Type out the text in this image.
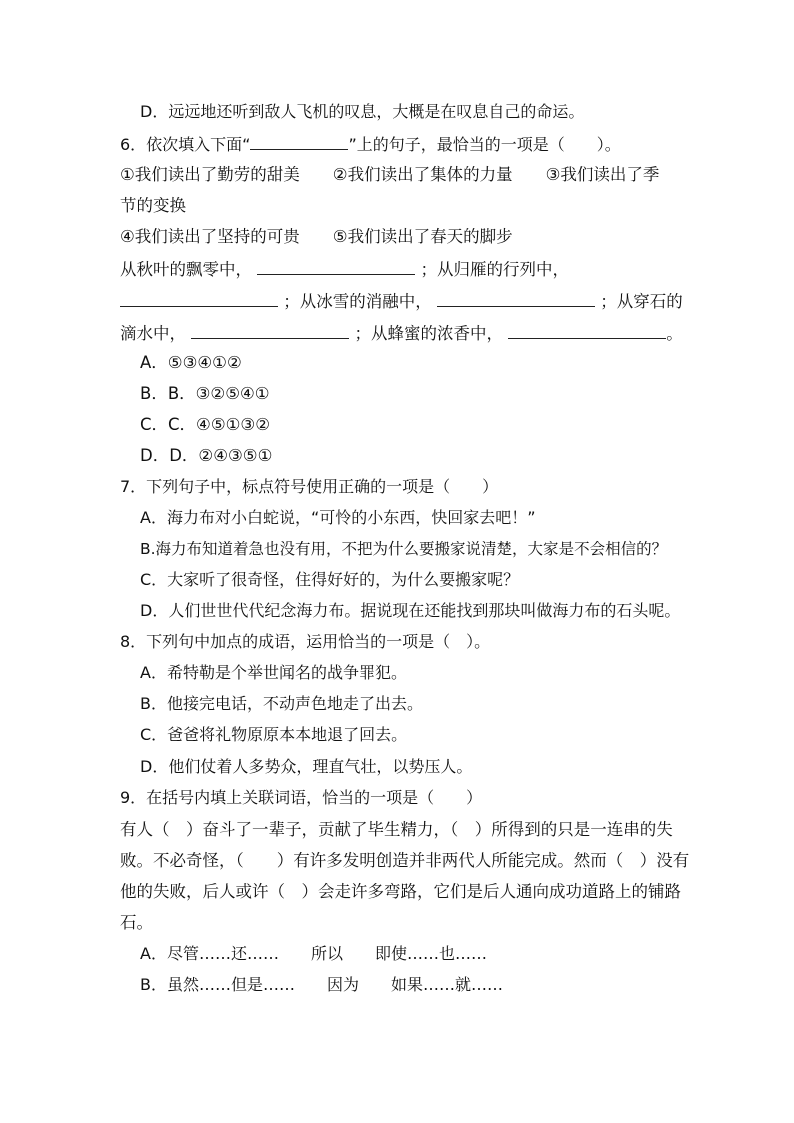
D．远远地还听到敌人飞机的叹息，大概是在叹息自己的命运。
6．依次填入下面“	”上的句子，最恰当的一项是（　　）。
①我们读出了勤劳的甜美　　②我们读出了集体的力量　　③我们读出了季
节的变换
④我们读出了坚持的可贵　　⑤我们读出了春天的脚步
从秋叶的飘零中，	；从归雁的行列中，
；从冰雪的消融中，	；从穿石的
滴水中，	；从蜂蜜的浓香中，	。
A．⑤③④①②
B．B．③②⑤④①
C．C．④⑤①③②
D．D．②④③⑤①
7．下列句子中，标点符号使用正确的一项是（　　）
A．海力布对小白蛇说，“可怜的小东西，快回家去吧！”
B.海力布知道着急也没有用，不把为什么要搬家说清楚，大家是不会相信的？
C．大家听了很奇怪，住得好好的，为什么要搬家呢？
D．人们世世代代纪念海力布。据说现在还能找到那块叫做海力布的石头呢。
8．下列句中加点的成语，运用恰当的一项是（　）。
A．希特勒是个举世闻名的战争罪犯。
B．他接完电话，不动声色地走了出去。
C．爸爸将礼物原原本本地退了回去。
D．他们仗着人多势众，理直气壮，以势压人。
9．在括号内填上关联词语，恰当的一项是（　　）
有人（　）奋斗了一辈子，贡献了毕生精力，（　）所得到的只是一连串的失
败。不必奇怪，（　　）有许多发明创造并非两代人所能完成。然而（　）没有
他的失败，后人或许（　）会走许多弯路，它们是后人通向成功道路上的铺路
石。
A．尽管……还……　　所以　　即使……也……
B．虽然……但是……　　因为　　如果……就……
